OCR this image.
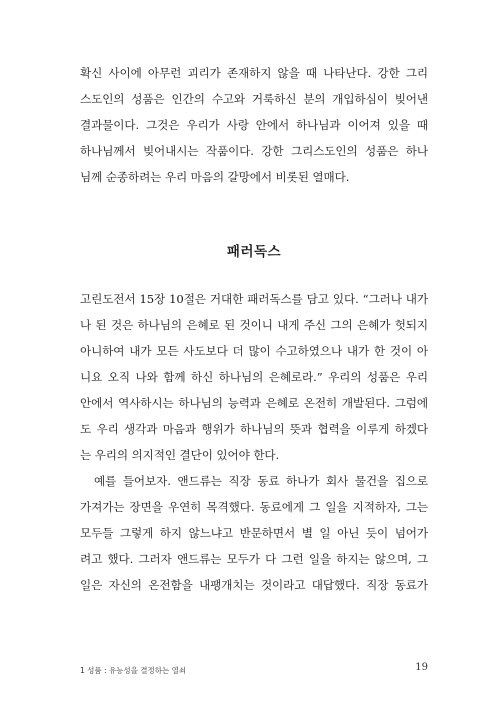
확신 사이에 아무런 괴리가 존재하지 않을 때 나타난다. 강한 그리
스도인의 성품은 인간의 수고와 거룩하신 분의 개입하심이 빚어낸
결과물이다. 그것은 우리가 사랑 안에서 하나님과 이어져 있을 때
하나님께서 빚어내시는 작품이다. 강한 그리스도인의 성품은 하나
님께 순종하려는 우리 마음의 갈망에서 비롯된 열매다.
패러독스
고린도전서 15장 10절은 거대한 패러독스를 담고 있다. “그러나 내가
나 된 것은 하나님의 은혜로 된 것이니 내게 주신 그의 은혜가 헛되지
아니하여 내가 모든 사도보다 더 많이 수고하였으나 내가 한 것이 아
니요 오직 나와 함께 하신 하나님의 은혜로라.” 우리의 성품은 우리
안에서 역사하시는 하나님의 능력과 은혜로 온전히 개발된다. 그럼에
도 우리 생각과 마음과 행위가 하나님의 뜻과 협력을 이루게 하겠다
는 우리의 의지적인 결단이 있어야 한다.
예를 들어보자. 앤드류는 직장 동료 하나가 회사 물건을 집으로
가져가는 장면을 우연히 목격했다. 동료에게 그 일을 지적하자, 그는
모두들 그렇게 하지 않느냐고 반문하면서 별 일 아닌 듯이 넘어가
려고 했다. 그러자 앤드류는 모두가 다 그런 일을 하지는 않으며, 그
일은 자신의 온전함을 내팽개치는 것이라고 대답했다. 직장 동료가
1 성품 : 유능성을 결정하는 열쇠	19
